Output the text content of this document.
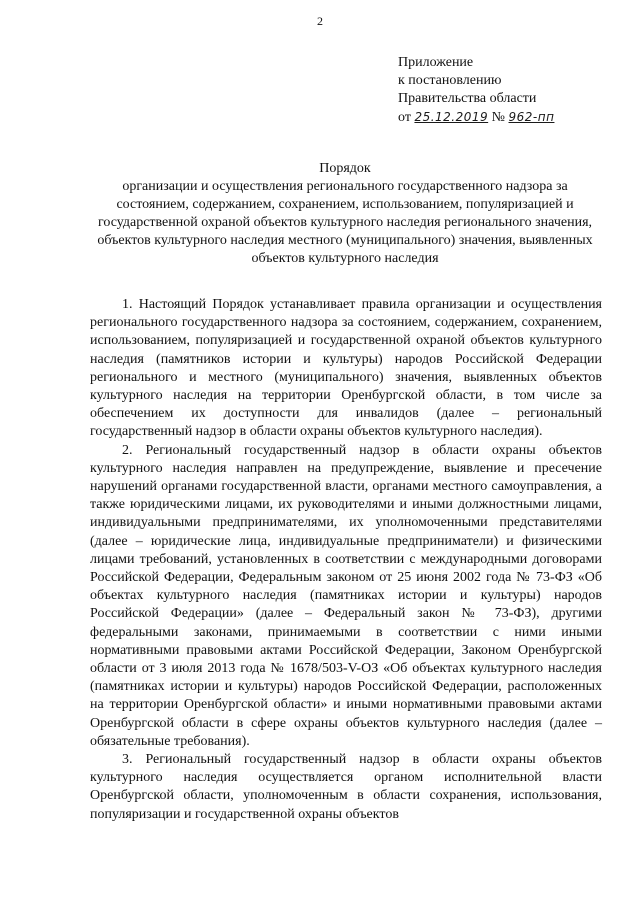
2
Приложение
к постановлению
Правительства области
от 25.12.2019 № 962-пп
Порядок
организации и осуществления регионального государственного надзора за состоянием, содержанием, сохранением, использованием, популяризацией и государственной охраной объектов культурного наследия регионального значения, объектов культурного наследия местного (муниципального) значения, выявленных объектов культурного наследия

1. Настоящий Порядок устанавливает правила организации и осуществления регионального государственного надзора за состоянием, содержанием, сохранением, использованием, популяризацией и государственной охраной объектов культурного наследия (памятников истории и культуры) народов Российской Федерации регионального и местного (муниципального) значения, выявленных объектов культурного наследия на территории Оренбургской области, в том числе за обеспечением их доступности для инвалидов (далее – региональный государственный надзор в области охраны объектов культурного наследия).

2. Региональный государственный надзор в области охраны объектов культурного наследия направлен на предупреждение, выявление и пресечение нарушений органами государственной власти, органами местного самоуправления, а также юридическими лицами, их руководителями и иными должностными лицами, индивидуальными предпринимателями, их уполномоченными представителями (далее – юридические лица, индивидуальные предприниматели) и физическими лицами требований, установленных в соответствии с международными договорами Российской Федерации, Федеральным законом от 25 июня 2002 года № 73-ФЗ «Об объектах культурного наследия (памятниках истории и культуры) народов Российской Федерации» (далее – Федеральный закон № 73-ФЗ), другими федеральными законами, принимаемыми в соответствии с ними иными нормативными правовыми актами Российской Федерации, Законом Оренбургской области от 3 июля 2013 года № 1678/503-V-ОЗ «Об объектах культурного наследия (памятниках истории и культуры) народов Российской Федерации, расположенных на территории Оренбургской области» и иными нормативными правовыми актами Оренбургской области в сфере охраны объектов культурного наследия (далее – обязательные требования).

3. Региональный государственный надзор в области охраны объектов культурного наследия осуществляется органом исполнительной власти Оренбургской области, уполномоченным в области сохранения, использования, популяризации и государственной охраны объектов
